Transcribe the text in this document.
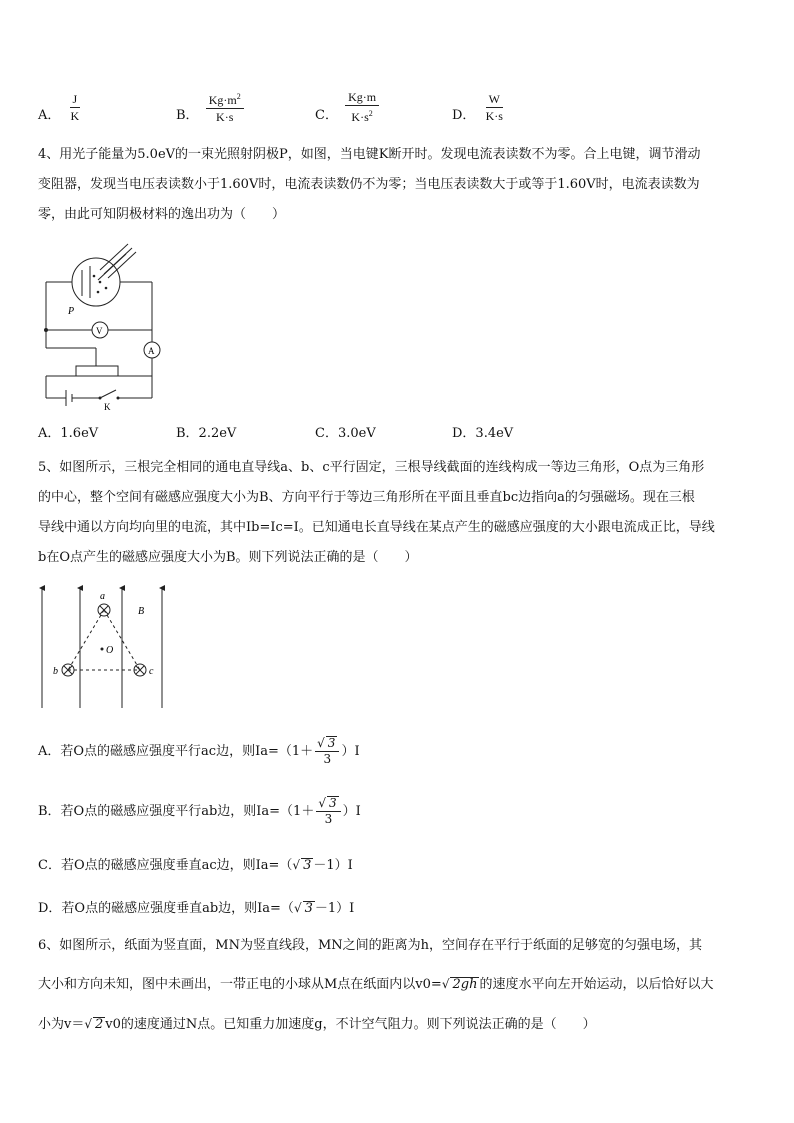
A． $\frac{J}{K}$	B． $\frac{Kg\cdot m^2}{K\cdot s}$	C． $\frac{Kg\cdot m}{K\cdot s^2}$	D． $\frac{W}{K\cdot s}$
4、用光子能量为5.0eV的一束光照射阴极P，如图，当电键K断开时。发现电流表读数不为零。合上电键，调节滑动
变阻器，发现当电压表读数小于1.60V时，电流表读数仍不为零；当电压表读数大于或等于1.60V时，电流表读数为
零，由此可知阴极材料的逸出功为（　　）
P
V
A
K
A．1.6eV	B．2.2eV	C．3.0eV	D．3.4eV
5、如图所示，三根完全相同的通电直导线a、b、c平行固定，三根导线截面的连线构成一等边三角形，O点为三角形
的中心，整个空间有磁感应强度大小为B、方向平行于等边三角形所在平面且垂直bc边指向a的匀强磁场。现在三根
导线中通以方向均向里的电流，其中Ib=Ic=I。已知通电长直导线在某点产生的磁感应强度的大小跟电流成正比，导线
b在O点产生的磁感应强度大小为B。则下列说法正确的是（　　）
a
b	c
O
B
A．若O点的磁感应强度平行ac边，则$Ia=(1+ \frac{√ 3}{3} )I$
B．若O点的磁感应强度平行ab边，则$Ia=(1+ \frac{√ 3}{3} )I$
C．若O点的磁感应强度垂直ac边，则Ia=（√ 3 －1）I
D．若O点的磁感应强度垂直ab边，则Ia=（√ 3 －1）I
6、如图所示，纸面为竖直面，MN为竖直线段，MN之间的距离为h，空间存在平行于纸面的足够宽的匀强电场，其
大小和方向未知，图中未画出，一带正电的小球从M点在纸面内以v0=√ 2gh 的速度水平向左开始运动，以后恰好以大
小为v＝√ 2 v0的速度通过N点。已知重力加速度g，不计空气阻力。则下列说法正确的是（　　）
